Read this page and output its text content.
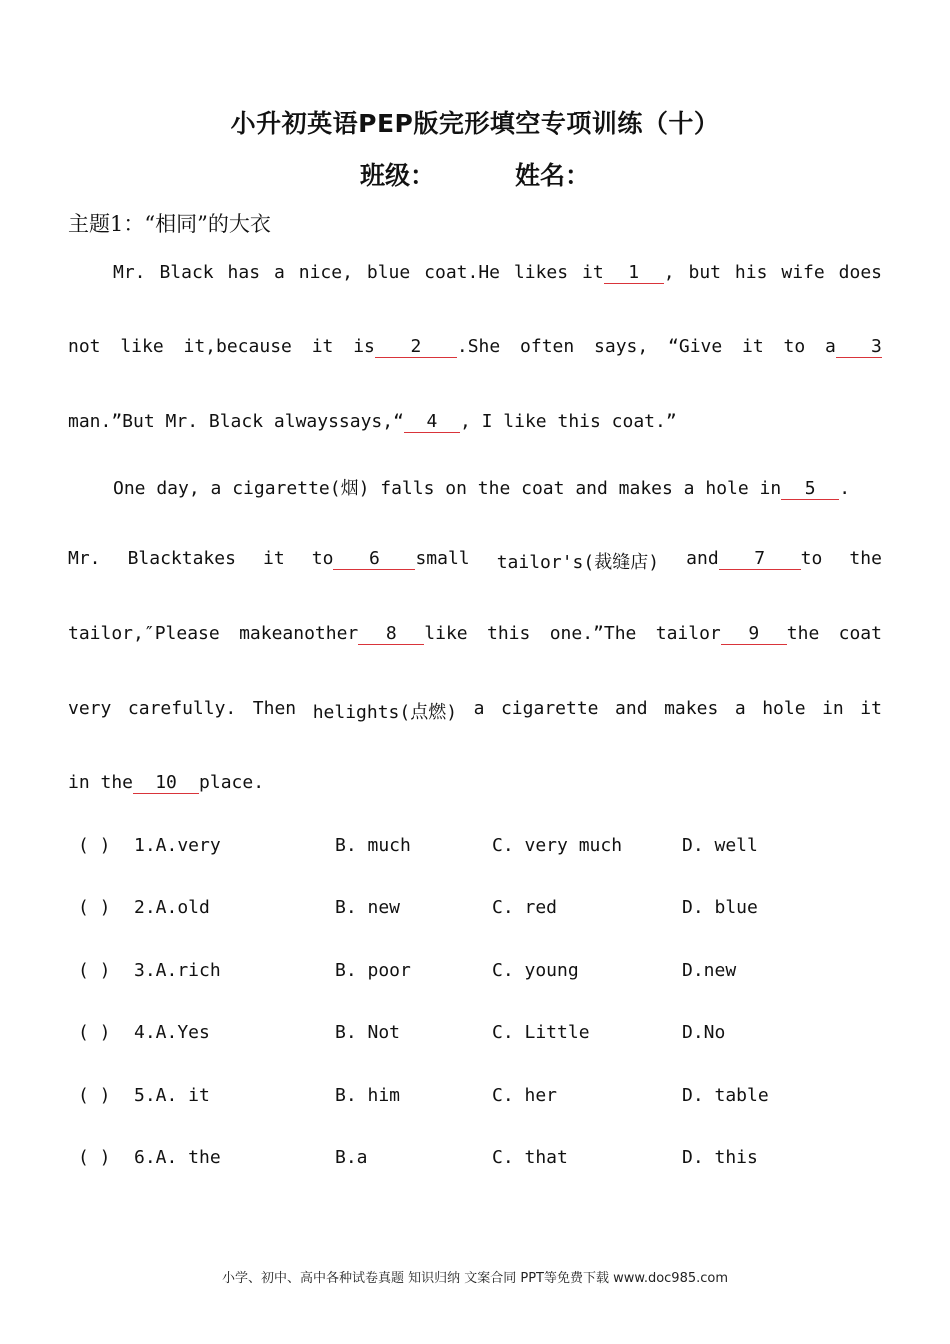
小升初英语PEP版完形填空专项训练（十）
班级：	姓名：
主题1：“相同”的大衣
Mr. Black has a nice, blue coat.He likes it 1 , but his wife does
not like it,because it is 2 .She often says, “Give it to a 3
man.”But Mr. Black alwayssays,“ 4 , I like this coat.”
One day, a cigarette(烟) falls on the coat and makes a hole in 5 .
Mr. Blacktakes it to 6 small tailor's(裁缝店) and 7 to the
tailor,″Please makeanother 8 like this one.”The tailor 9 the coat
very carefully. Then helights(点燃) a cigarette and makes a hole in it
in the 10 place.
( ) 1.A.very	B. much	C. very much	D. well
( ) 2.A.old	B. new	C. red	D. blue
( ) 3.A.rich	B. poor	C. young	D.new
( ) 4.A.Yes	B. Not	C. Little	D.No
( ) 5.A. it	B. him	C. her	D. table
( ) 6.A. the	B.a	C. that	D. this
小学、初中、高中各种试卷真题 知识归纳 文案合同 PPT等免费下载 www.doc985.com
